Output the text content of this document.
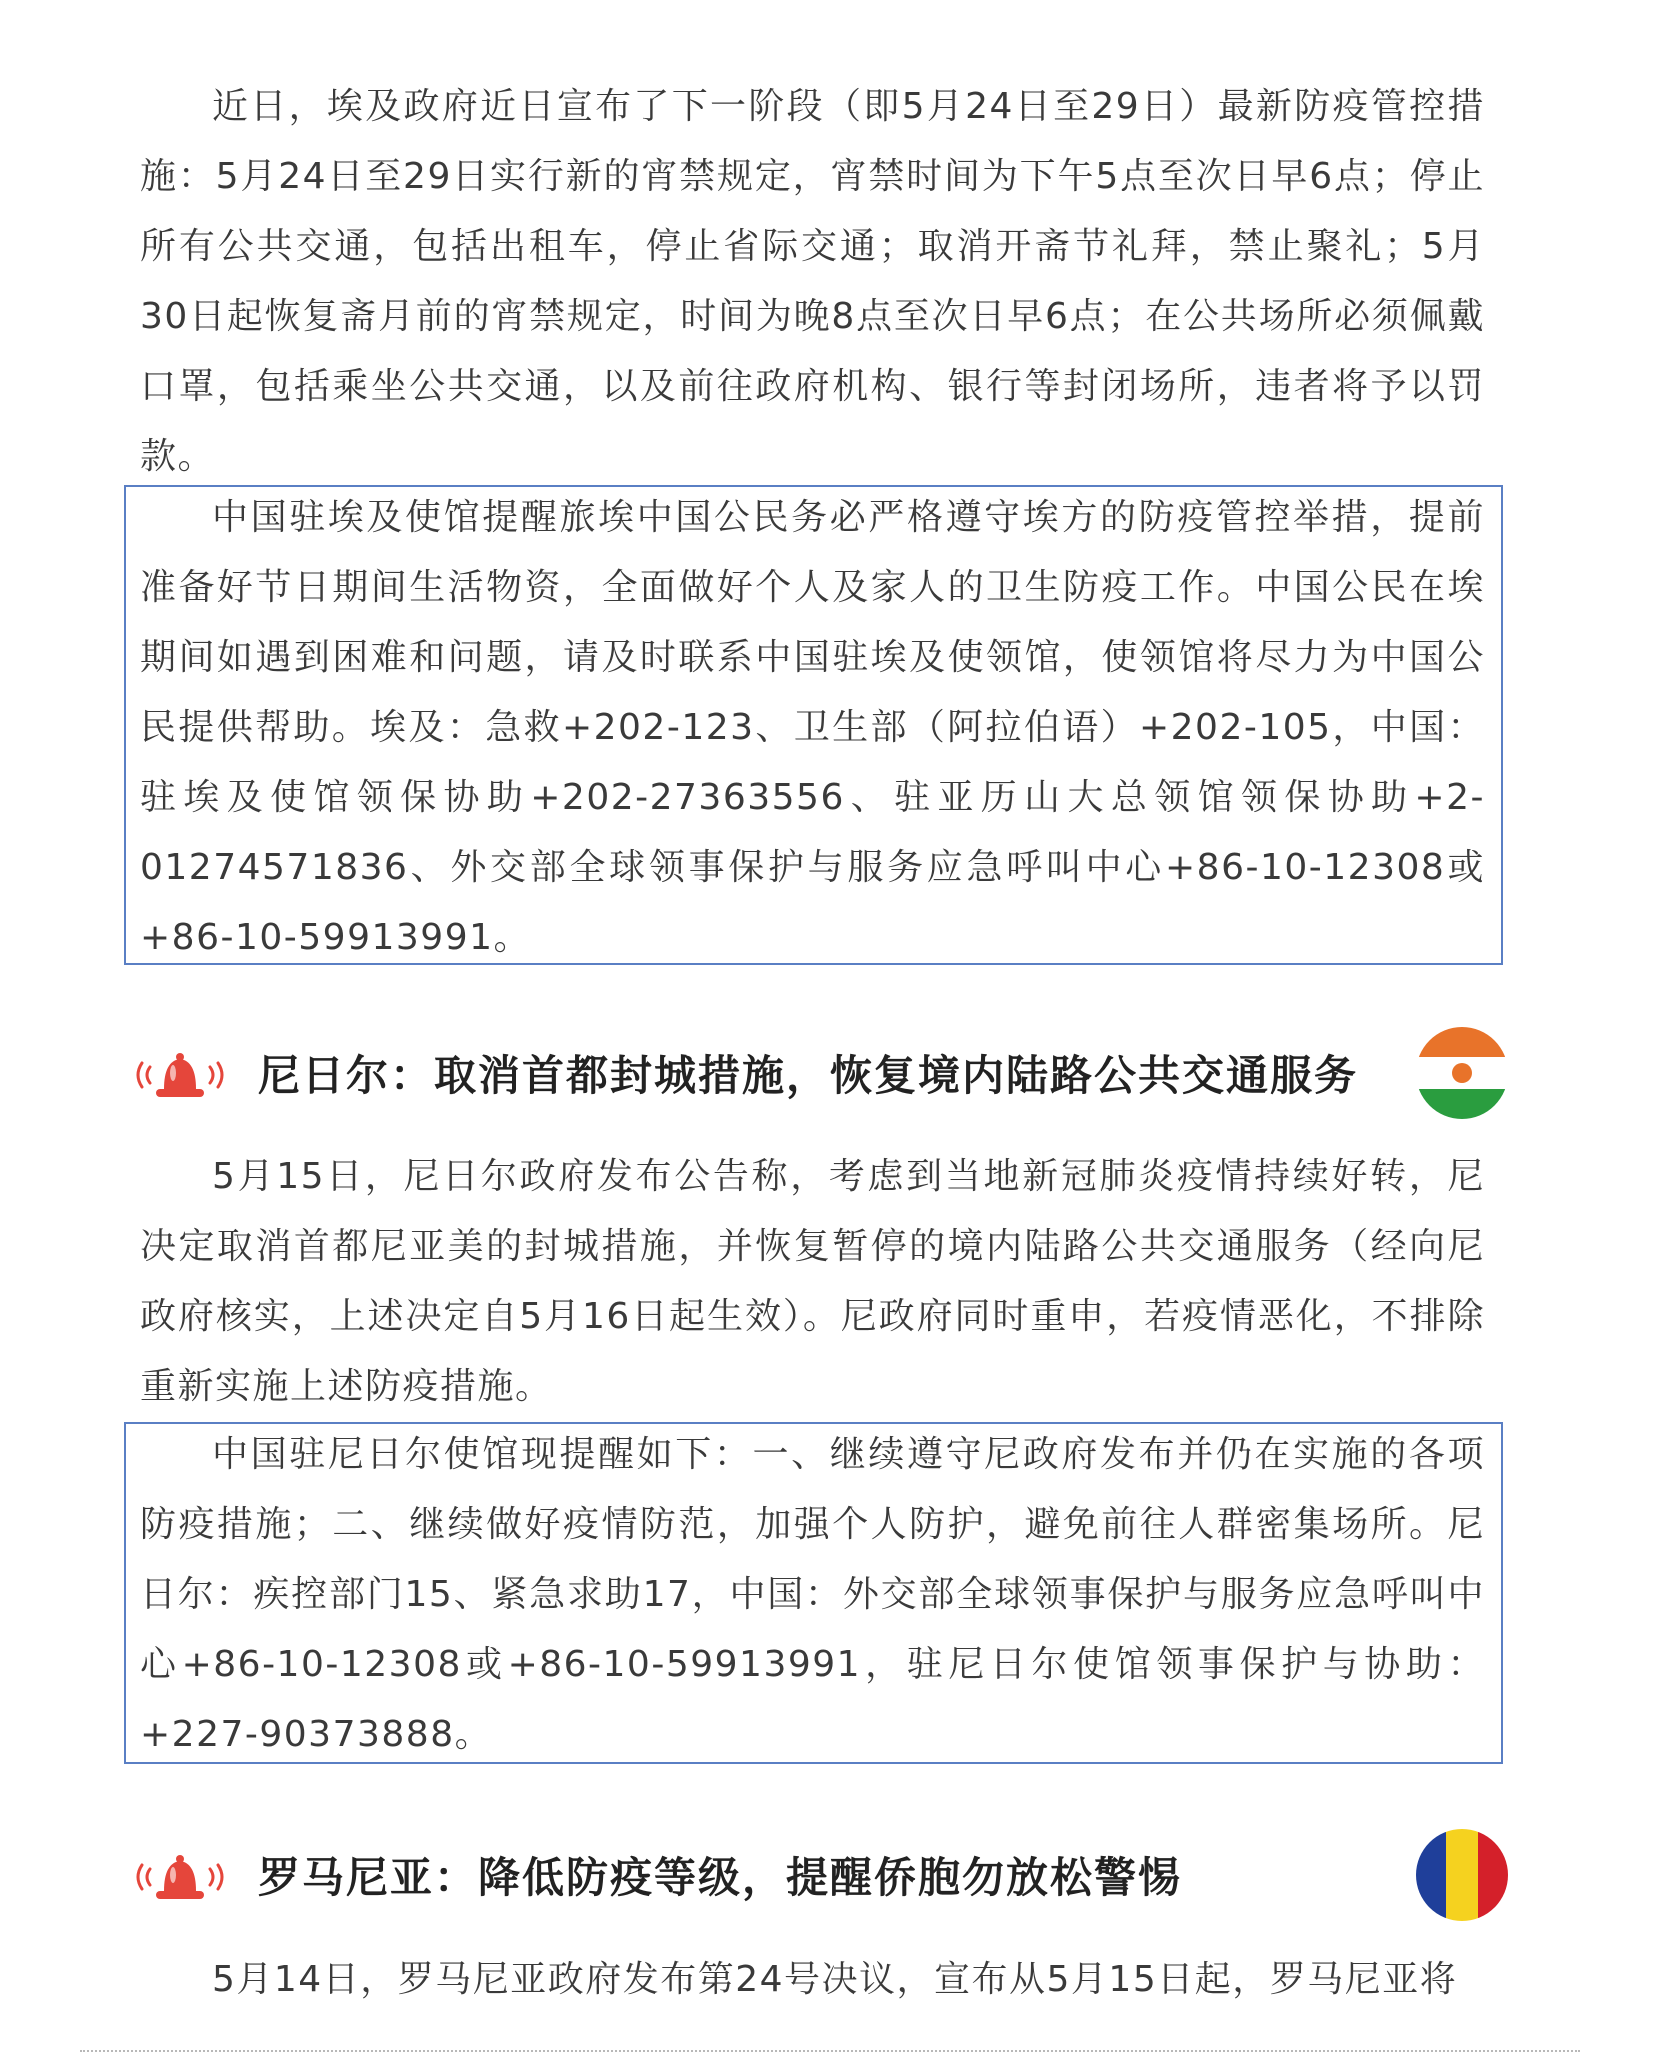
近日，埃及政府近日宣布了下一阶段（即5月24日至29日）最新防疫管控措施：5月24日至29日实行新的宵禁规定，宵禁时间为下午5点至次日早6点；停止所有公共交通，包括出租车，停止省际交通；取消开斋节礼拜，禁止聚礼；5月30日起恢复斋月前的宵禁规定，时间为晚8点至次日早6点；在公共场所必须佩戴口罩，包括乘坐公共交通，以及前往政府机构、银行等封闭场所，违者将予以罚款。

中国驻埃及使馆提醒旅埃中国公民务必严格遵守埃方的防疫管控举措，提前准备好节日期间生活物资，全面做好个人及家人的卫生防疫工作。中国公民在埃期间如遇到困难和问题，请及时联系中国驻埃及使领馆，使领馆将尽力为中国公民提供帮助。埃及：急救+202-123、卫生部（阿拉伯语）+202-105，中国：驻埃及使馆领保协助+202-27363556、驻亚历山大总领馆领保协助+2-01274571836、外交部全球领事保护与服务应急呼叫中心+86-10-12308或+86-10-59913991。

尼日尔：取消首都封城措施，恢复境内陆路公共交通服务

5月15日，尼日尔政府发布公告称，考虑到当地新冠肺炎疫情持续好转，尼决定取消首都尼亚美的封城措施，并恢复暂停的境内陆路公共交通服务（经向尼政府核实，上述决定自5月16日起生效）。尼政府同时重申，若疫情恶化，不排除重新实施上述防疫措施。

中国驻尼日尔使馆现提醒如下：一、继续遵守尼政府发布并仍在实施的各项防疫措施；二、继续做好疫情防范，加强个人防护，避免前往人群密集场所。尼日尔：疾控部门15、紧急求助17，中国：外交部全球领事保护与服务应急呼叫中心+86-10-12308或+86-10-59913991，驻尼日尔使馆领事保护与协助：+227-90373888。

罗马尼亚：降低防疫等级，提醒侨胞勿放松警惕

5月14日，罗马尼亚政府发布第24号决议，宣布从5月15日起，罗马尼亚将
